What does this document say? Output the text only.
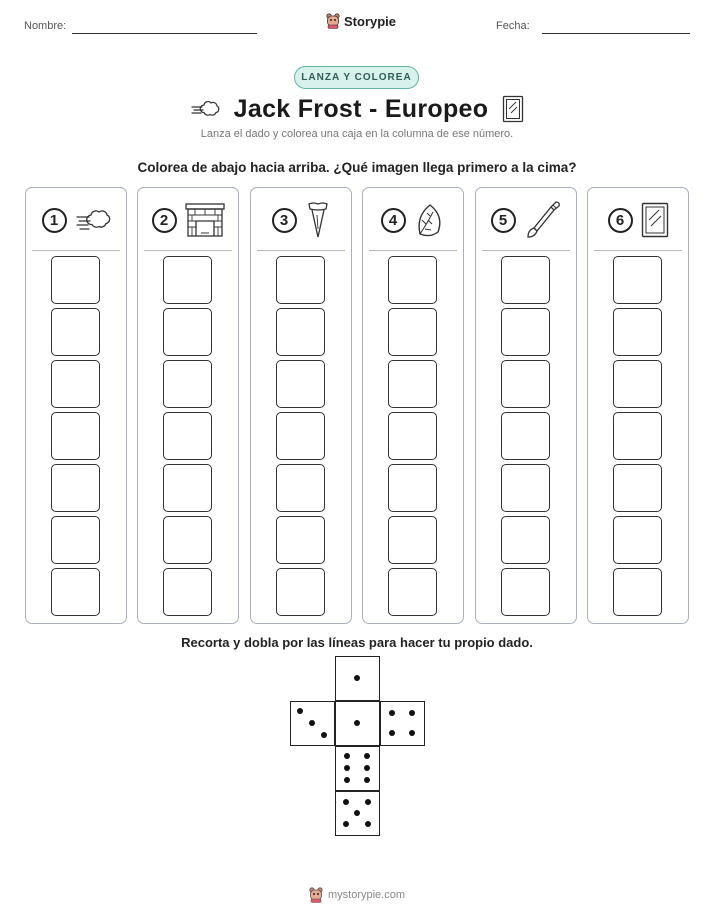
Nombre:	Storypie	Fecha:
LANZA Y COLOREA
Jack Frost - Europeo
Lanza el dado y colorea una caja en la columna de ese número.
Colorea de abajo hacia arriba. ¿Qué imagen llega primero a la cima?
1	2	3	4	5	6
Recorta y dobla por las líneas para hacer tu propio dado.
mystorypie.com
